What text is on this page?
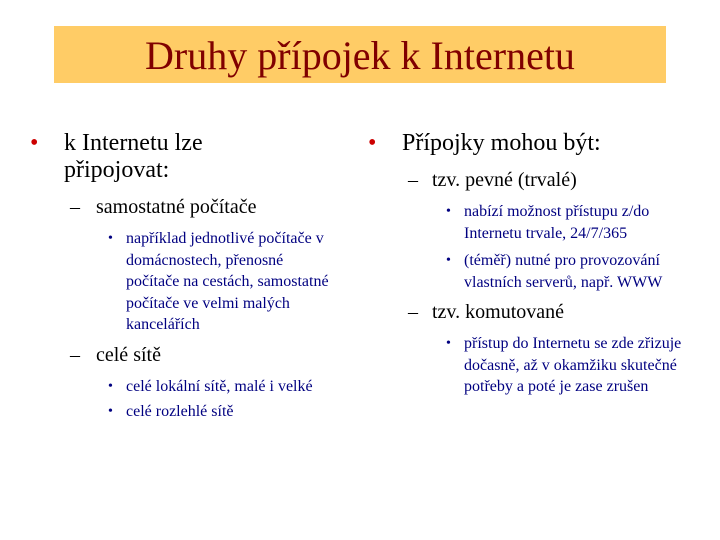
Druhy přípojek k Internetu
• k Internetu lze připojovat:
– samostatné počítače
• například jednotlivé počítače v domácnostech, přenosné počítače na cestách, samostatné počítače ve velmi malých kancelářích
– celé sítě
• celé lokální sítě, malé i velké
• celé rozlehlé sítě
• Přípojky mohou být:
– tzv. pevné (trvalé)
• nabízí možnost přístupu z/do Internetu trvale, 24/7/365
• (téměř) nutné pro provozování vlastních serverů, např. WWW
– tzv. komutované
• přístup do Internetu se zde zřizuje dočasně, až v okamžiku skutečné potřeby a poté je zase zrušen
